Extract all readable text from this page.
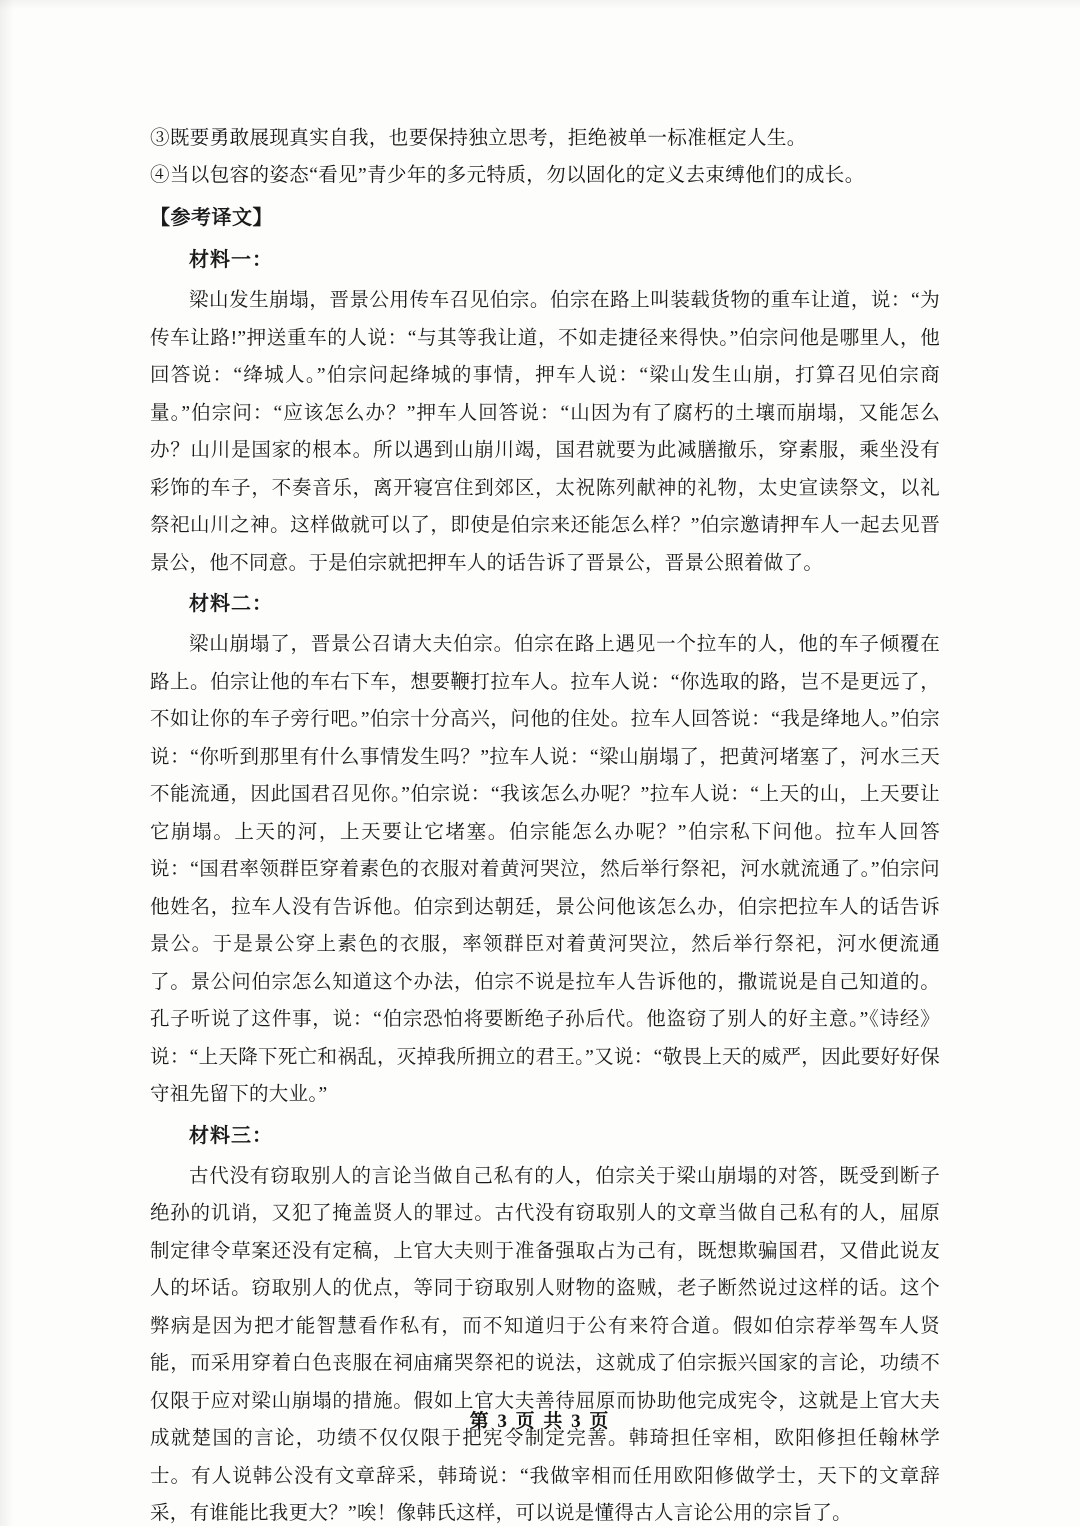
③既要勇敢展现真实自我，也要保持独立思考，拒绝被单一标准框定人生。
④当以包容的姿态“看见”青少年的多元特质，勿以固化的定义去束缚他们的成长。
【参考译文】
材料一：
梁山发生崩塌，晋景公用传车召见伯宗。伯宗在路上叫装载货物的重车让道，说：“为传车让路!”押送重车的人说：“与其等我让道，不如走捷径来得快。”伯宗问他是哪里人，他回答说：“绛城人。”伯宗问起绛城的事情，押车人说：“梁山发生山崩，打算召见伯宗商量。”伯宗问：“应该怎么办？”押车人回答说：“山因为有了腐朽的土壤而崩塌，又能怎么办？山川是国家的根本。所以遇到山崩川竭，国君就要为此减膳撤乐，穿素服，乘坐没有彩饰的车子，不奏音乐，离开寝宫住到郊区，太祝陈列献神的礼物，太史宣读祭文，以礼祭祀山川之神。这样做就可以了，即使是伯宗来还能怎么样？”伯宗邀请押车人一起去见晋景公，他不同意。于是伯宗就把押车人的话告诉了晋景公，晋景公照着做了。
材料二：
梁山崩塌了，晋景公召请大夫伯宗。伯宗在路上遇见一个拉车的人，他的车子倾覆在路上。伯宗让他的车右下车，想要鞭打拉车人。拉车人说：“你选取的路，岂不是更远了，不如让你的车子旁行吧。”伯宗十分高兴，问他的住处。拉车人回答说：“我是绛地人。”伯宗说：“你听到那里有什么事情发生吗？”拉车人说：“梁山崩塌了，把黄河堵塞了，河水三天不能流通，因此国君召见你。”伯宗说：“我该怎么办呢？”拉车人说：“上天的山，上天要让它崩塌。上天的河，上天要让它堵塞。伯宗能怎么办呢？”伯宗私下问他。拉车人回答说：“国君率领群臣穿着素色的衣服对着黄河哭泣，然后举行祭祀，河水就流通了。”伯宗问他姓名，拉车人没有告诉他。伯宗到达朝廷，景公问他该怎么办，伯宗把拉车人的话告诉景公。于是景公穿上素色的衣服，率领群臣对着黄河哭泣，然后举行祭祀，河水便流通了。景公问伯宗怎么知道这个办法，伯宗不说是拉车人告诉他的，撒谎说是自己知道的。孔子听说了这件事，说：“伯宗恐怕将要断绝子孙后代。他盗窃了别人的好主意。”《诗经》说：“上天降下死亡和祸乱，灭掉我所拥立的君王。”又说：“敬畏上天的威严，因此要好好保守祖先留下的大业。”
材料三：
古代没有窃取别人的言论当做自己私有的人，伯宗关于梁山崩塌的对答，既受到断子绝孙的讥诮，又犯了掩盖贤人的罪过。古代没有窃取别人的文章当做自己私有的人，屈原制定律令草案还没有定稿，上官大夫则于准备强取占为己有，既想欺骗国君，又借此说友人的坏话。窃取别人的优点，等同于窃取别人财物的盗贼，老子断然说过这样的话。这个弊病是因为把才能智慧看作私有，而不知道归于公有来符合道。假如伯宗荐举驾车人贤能，而采用穿着白色丧服在祠庙痛哭祭祀的说法，这就成了伯宗振兴国家的言论，功绩不仅限于应对梁山崩塌的措施。假如上官大夫善待屈原而协助他完成宪令，这就是上官大夫成就楚国的言论，功绩不仅仅限于把宪令制定完善。韩琦担任宰相，欧阳修担任翰林学士。有人说韩公没有文章辞采，韩琦说：“我做宰相而任用欧阳修做学士，天下的文章辞采，有谁能比我更大？”唉！像韩氏这样，可以说是懂得古人言论公用的宗旨了。
第 3 页 共 3 页
